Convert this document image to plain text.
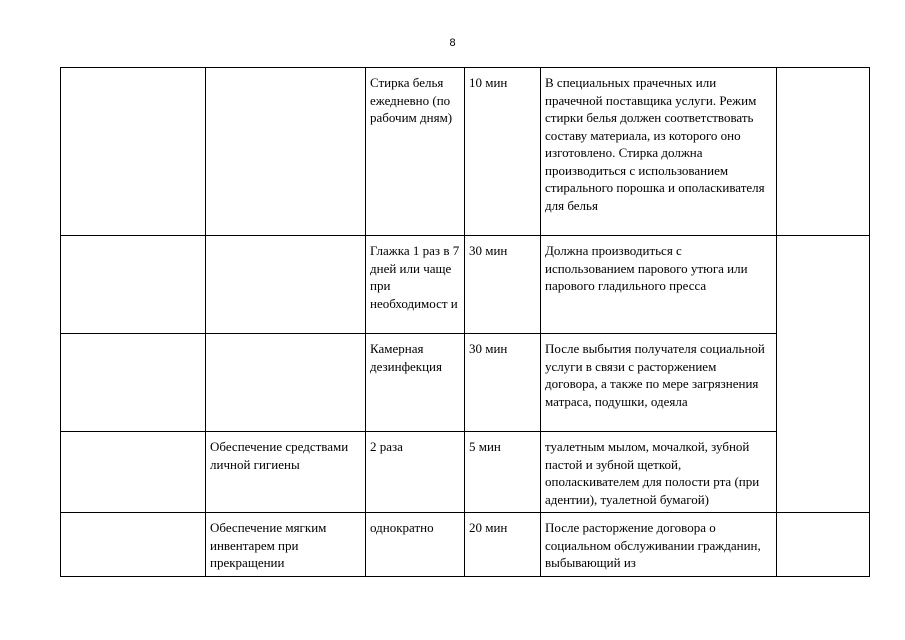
8
		Стирка белья ежедневно (по рабочим дням)	10 мин	В специальных прачечных или прачечной поставщика услуги. Режим стирки белья должен соответствовать составу материала, из которого оно изготовлено. Стирка должна производиться с использованием стирального порошка и ополаскивателя для белья	
		Глажка 1 раз в 7 дней или чаще при необходимост и	30 мин	Должна производиться с использованием парового утюга или парового гладильного пресса	
		Камерная дезинфекция	30 мин	После выбытия получателя социальной услуги в связи с расторжением договора, а также по мере загрязнения матраса, подушки, одеяла	
	Обеспечение средствами личной гигиены	2 раза	5 мин	туалетным мылом, мочалкой, зубной пастой и зубной щеткой, ополаскивателем для полости рта (при адентии), туалетной бумагой)	
	Обеспечение мягким инвентарем при прекращении	однократно	20 мин	После расторжение договора о социальном обслуживании гражданин, выбывающий из	
